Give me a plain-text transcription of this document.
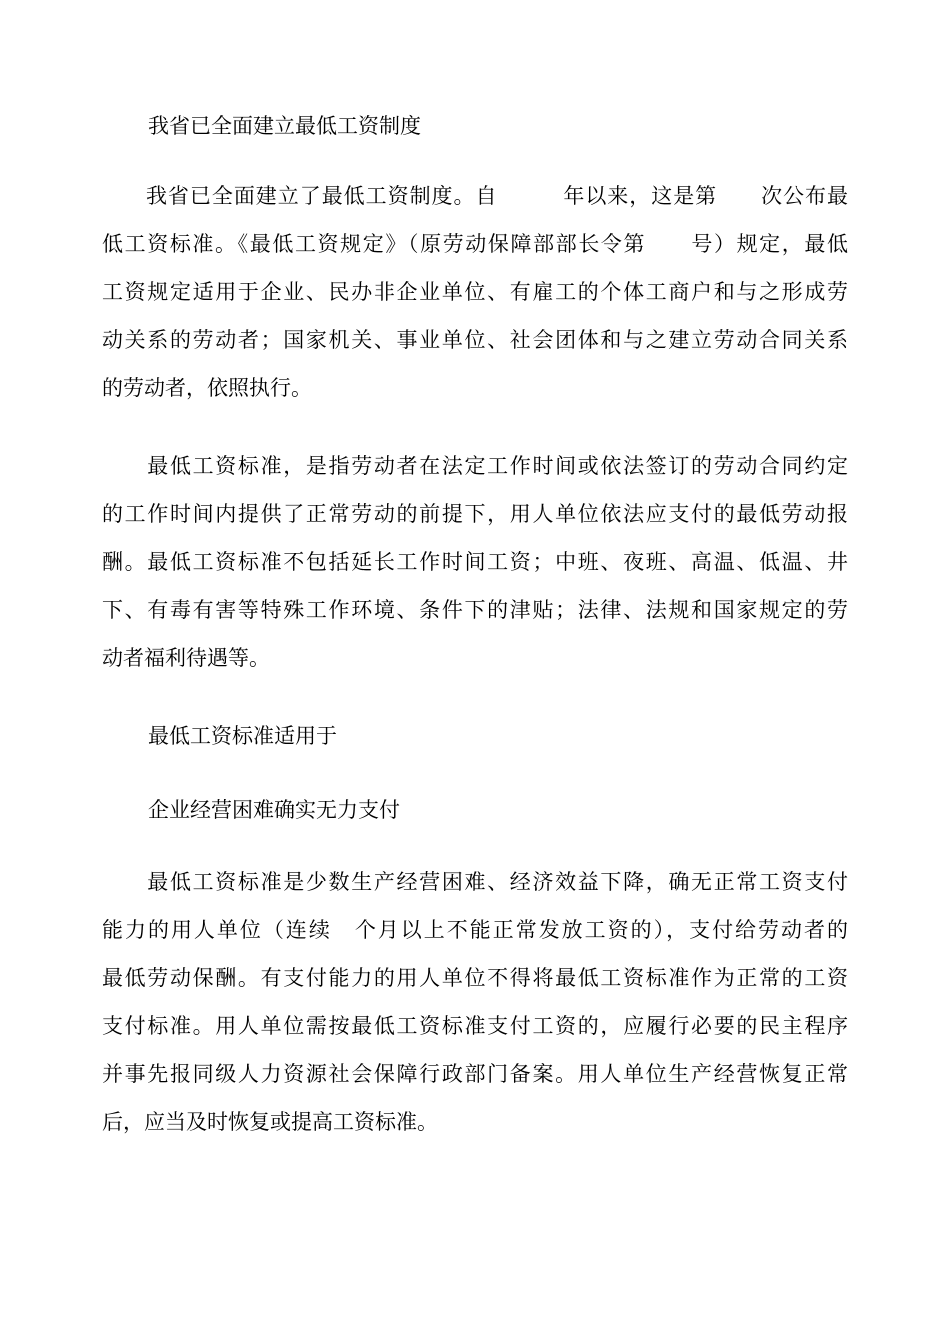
我省已全面建立最低工资制度

　　我省已全面建立了最低工资制度。自　　　年以来，这是第　　次公布最
低工资标准。《最低工资规定》（原劳动保障部部长令第　　号）规定，最低
工资规定适用于企业、民办非企业单位、有雇工的个体工商户和与之形成劳
动关系的劳动者；国家机关、事业单位、社会团体和与之建立劳动合同关系
的劳动者，依照执行。
　　最低工资标准，是指劳动者在法定工作时间或依法签订的劳动合同约定
的工作时间内提供了正常劳动的前提下，用人单位依法应支付的最低劳动报
酬。最低工资标准不包括延长工作时间工资；中班、夜班、高温、低温、井
下、有毒有害等特殊工作环境、条件下的津贴；法律、法规和国家规定的劳
动者福利待遇等。

最低工资标准适用于

企业经营困难确实无力支付

　　最低工资标准是少数生产经营困难、经济效益下降，确无正常工资支付
能力的用人单位（连续　个月以上不能正常发放工资的），支付给劳动者的
最低劳动保酬。有支付能力的用人单位不得将最低工资标准作为正常的工资
支付标准。用人单位需按最低工资标准支付工资的，应履行必要的民主程序
并事先报同级人力资源社会保障行政部门备案。用人单位生产经营恢复正常
后，应当及时恢复或提高工资标准。
